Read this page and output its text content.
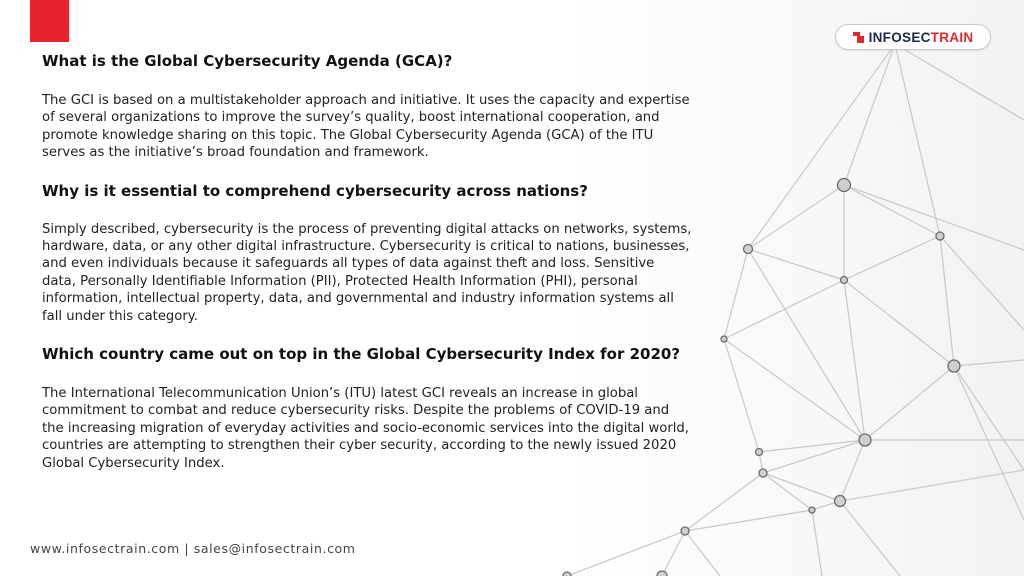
INFOSECTRAIN
What is the Global Cybersecurity Agenda (GCA)?

The GCI is based on a multistakeholder approach and initiative. It uses the capacity and expertise of several organizations to improve the survey’s quality, boost international cooperation, and promote knowledge sharing on this topic. The Global Cybersecurity Agenda (GCA) of the ITU serves as the initiative’s broad foundation and framework.

Why is it essential to comprehend cybersecurity across nations?

Simply described, cybersecurity is the process of preventing digital attacks on networks, systems, hardware, data, or any other digital infrastructure. Cybersecurity is critical to nations, businesses, and even individuals because it safeguards all types of data against theft and loss. Sensitive data, Personally Identifiable Information (PII), Protected Health Information (PHI), personal information, intellectual property, data, and governmental and industry information systems all fall under this category.

Which country came out on top in the Global Cybersecurity Index for 2020?

The International Telecommunication Union’s (ITU) latest GCI reveals an increase in global commitment to combat and reduce cybersecurity risks. Despite the problems of COVID-19 and the increasing migration of everyday activities and socio-economic services into the digital world, countries are attempting to strengthen their cyber security, according to the newly issued 2020 Global Cybersecurity Index.

www.infosectrain.com | sales@infosectrain.com
